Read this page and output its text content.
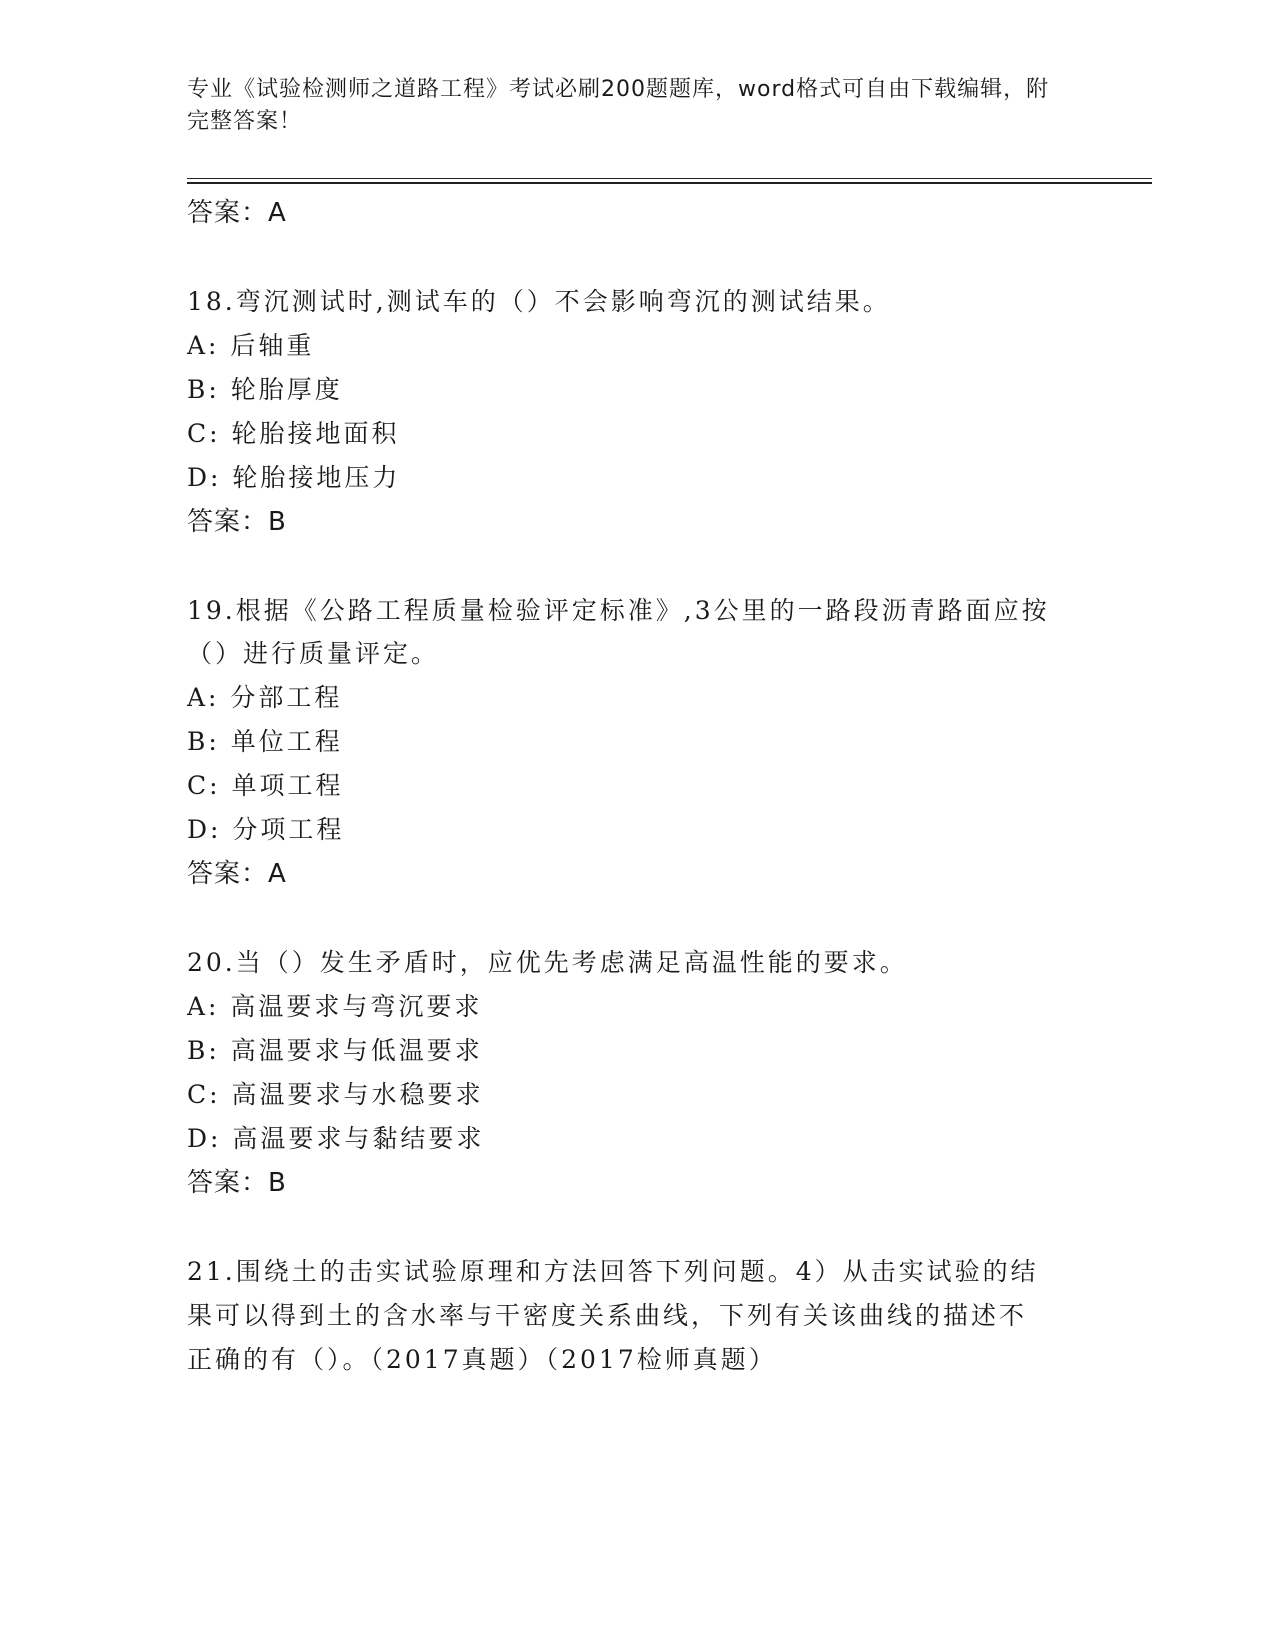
专业《试验检测师之道路工程》考试必刷200题题库，word格式可自由下载编辑，附完整答案！

答案：A

18.弯沉测试时,测试车的（）不会影响弯沉的测试结果。

A: 后轴重

B: 轮胎厚度

C: 轮胎接地面积

D: 轮胎接地压力

答案：B

19.根据《公路工程质量检验评定标准》,3公里的一路段沥青路面应按

（）进行质量评定。

A: 分部工程

B: 单位工程

C: 单项工程

D: 分项工程

答案：A

20.当（）发生矛盾时，应优先考虑满足高温性能的要求。

A: 高温要求与弯沉要求

B: 高温要求与低温要求

C: 高温要求与水稳要求

D: 高温要求与黏结要求

答案：B

21.围绕土的击实试验原理和方法回答下列问题。4）从击实试验的结

果可以得到土的含水率与干密度关系曲线，下列有关该曲线的描述不

正确的有（）。（2017真题）（2017检师真题）
